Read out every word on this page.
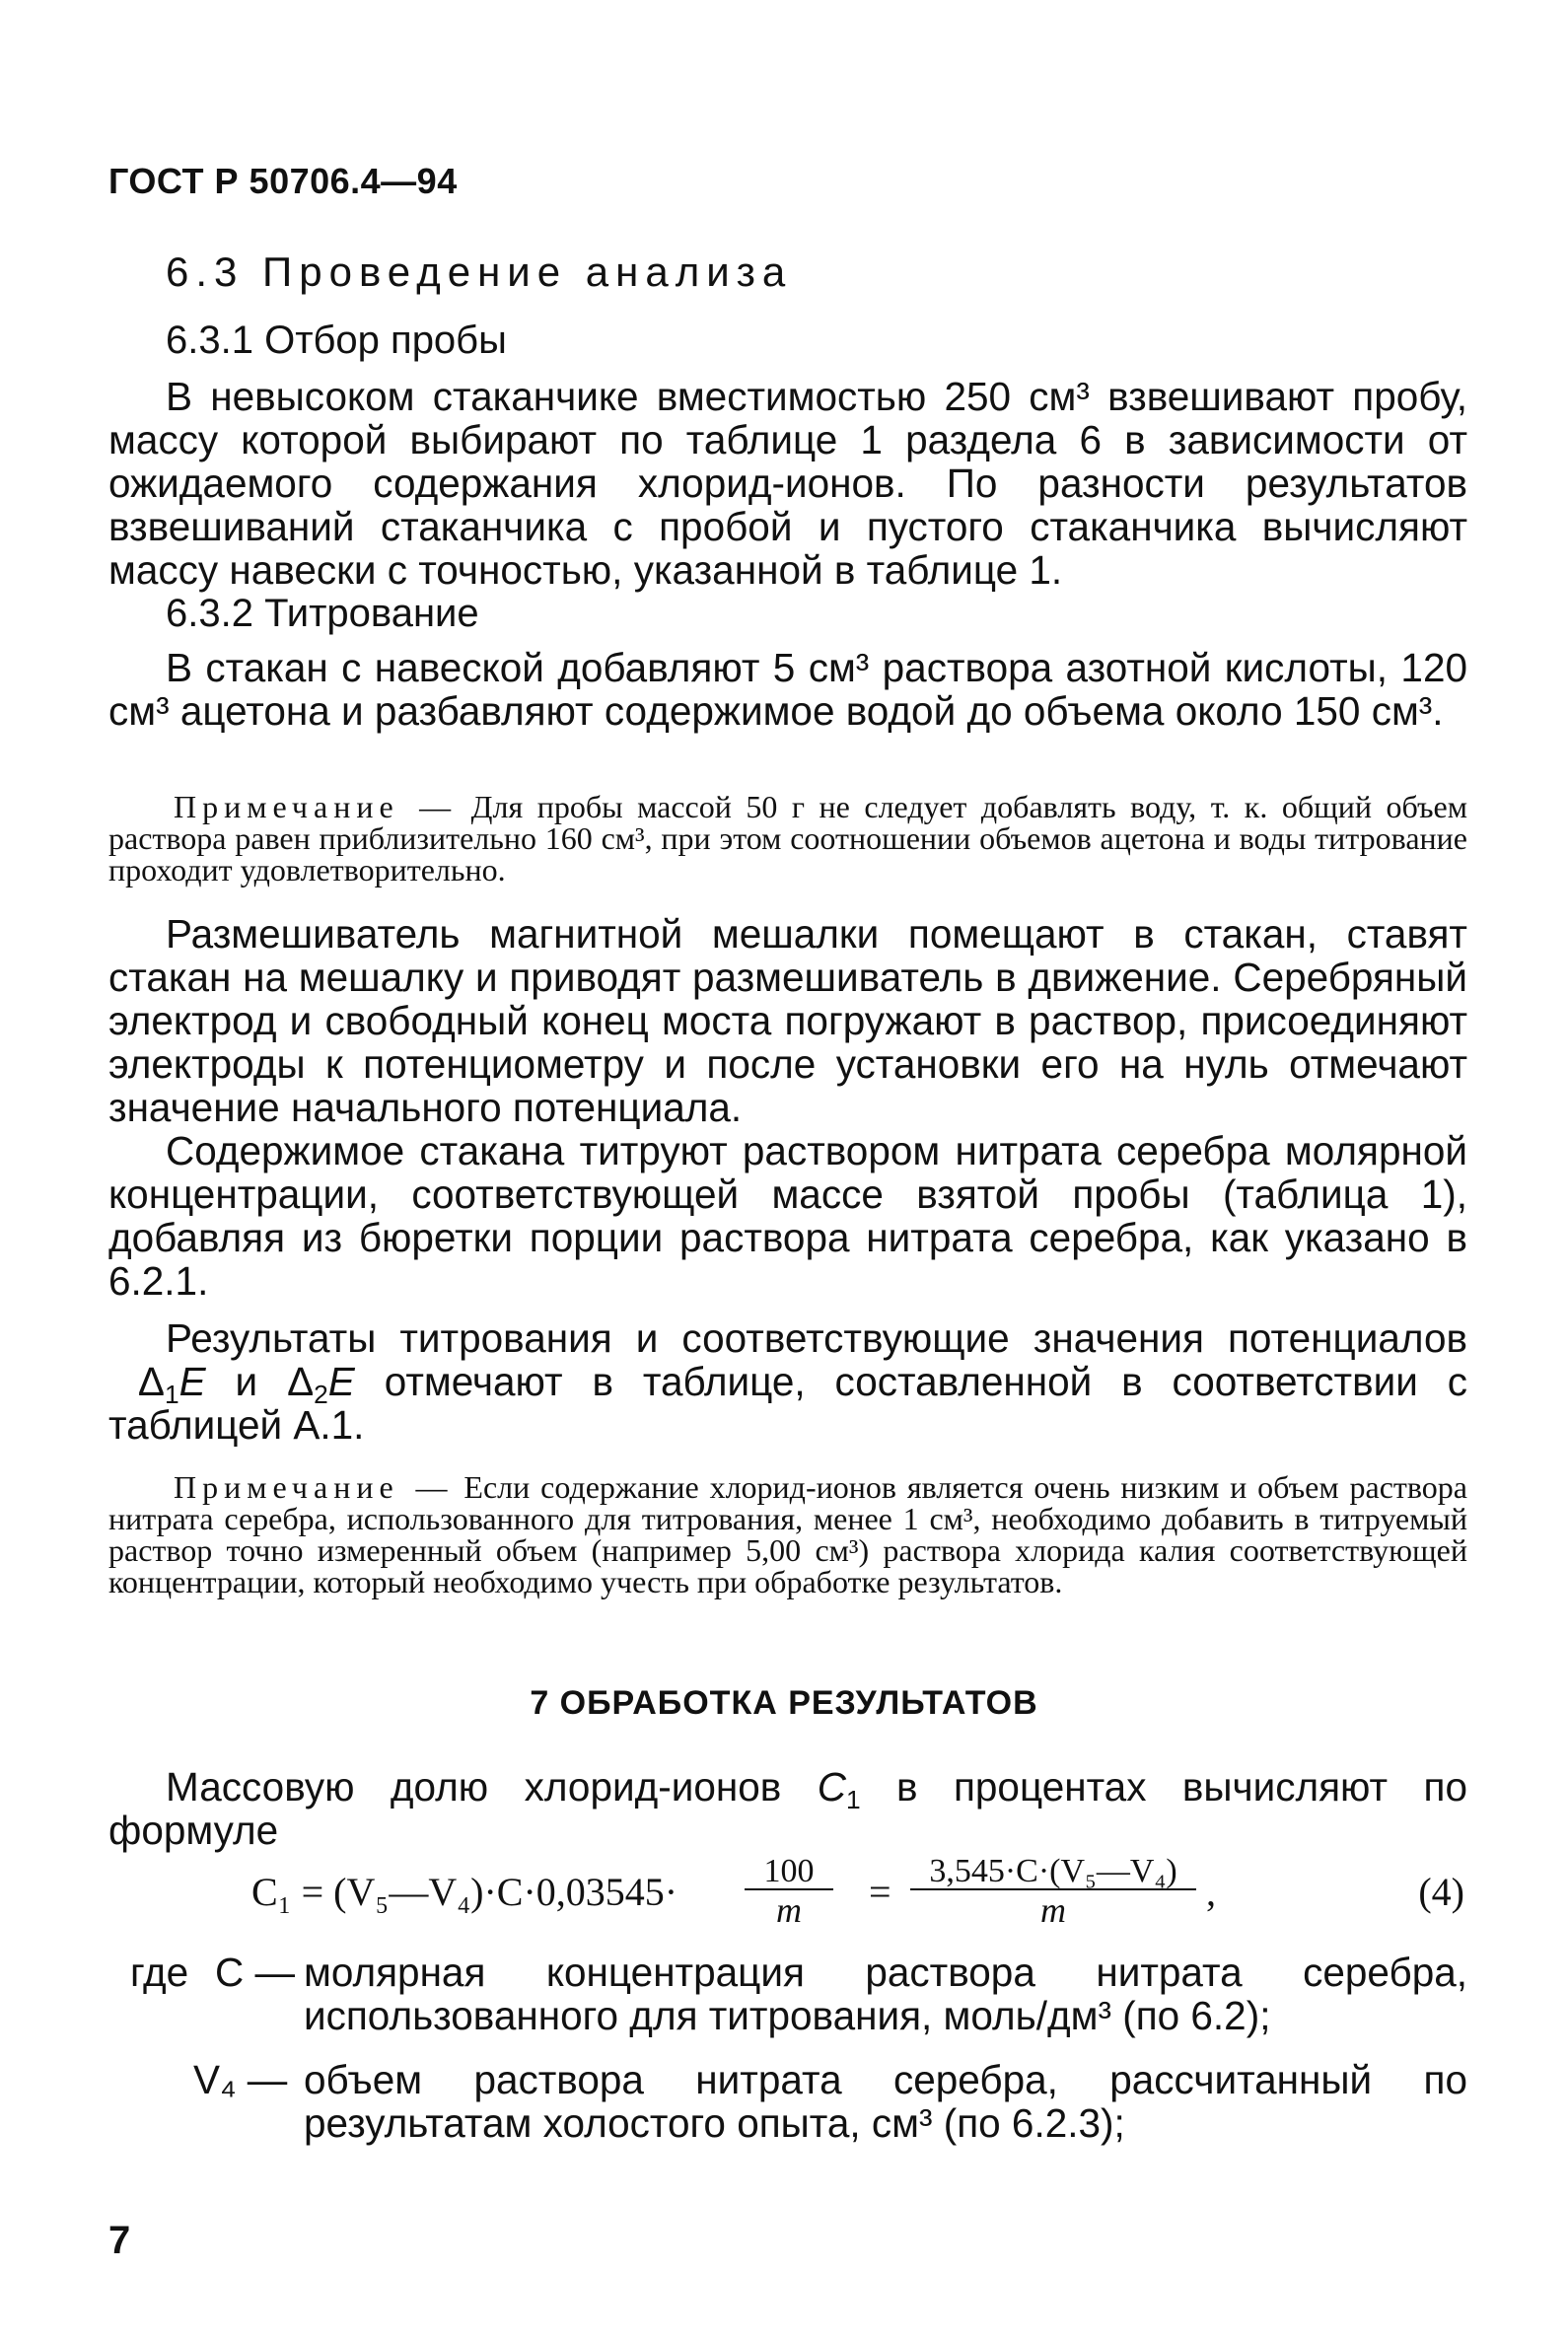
ГОСТ Р 50706.4—94
6.3 Проведение анализа
6.3.1 Отбор пробы

В невысоком стаканчике вместимостью 250 см³ взвешивают пробу, массу которой выбирают по таблице 1 раздела 6 в зависимости от ожидаемого содержания хлорид-ионов. По разности результатов взвешиваний стаканчика с пробой и пустого стаканчика вычисляют массу навески с точностью, указанной в таблице 1.

6.3.2 Титрование

В стакан с навеской добавляют 5 см³ раствора азотной кислоты, 120 см³ ацетона и разбавляют содержимое водой до объема около 150 см³.

Примечание — Для пробы массой 50 г не следует добавлять воду, т. к. общий объем раствора равен приблизительно 160 см³, при этом соотношении объемов ацетона и воды титрование проходит удовлетворительно.

Размешиватель магнитной мешалки помещают в стакан, ставят стакан на мешалку и приводят размешиватель в движение. Серебряный электрод и свободный конец моста погружают в раствор, присоединяют электроды к потенциометру и после установки его на нуль отмечают значение начального потенциала.

Содержимое стакана титруют раствором нитрата серебра молярной концентрации, соответствующей массе взятой пробы (таблица 1), добавляя из бюретки порции раствора нитрата серебра, как указано в 6.2.1.

Результаты титрования и соответствующие значения потенциалов  $\Delta_1E$ и $\Delta_2E$ отмечают в таблице, составленной в соответствии с таблицей А.1.

Примечание — Если содержание хлорид-ионов является очень низким и объем раствора нитрата серебра, использованного для титрования, менее 1 см³, необходимо добавить в титруемый раствор точно измеренный объем (например 5,00 см³) раствора хлорида калия соответствующей концентрации, который необходимо учесть при обработке результатов.

7 ОБРАБОТКА РЕЗУЛЬТАТОВ

Массовую долю хлорид-ионов $C_1$ в процентах вычисляют по формуле

C₁ = (V₅—V₄)·C·0,03545· $\frac{100}{m} = \frac{\text{3,545·C·(V₅—V₄)}}{m}$ ,	(4)
где C — молярная концентрация раствора нитрата серебра, использованного для титрования, моль/дм³ (по 6.2);
V₄ — объем раствора нитрата серебра, рассчитанный по результатам холостого опыта, см³ (по 6.2.3);
7
